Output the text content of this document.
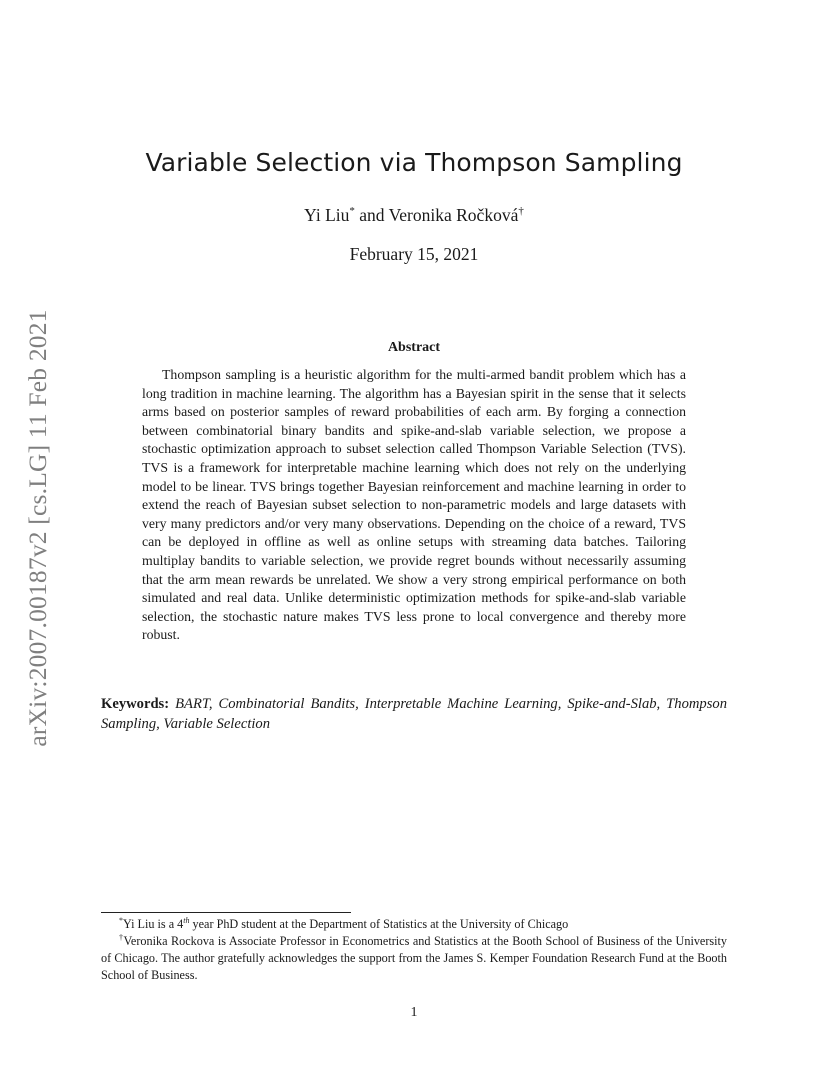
arXiv:2007.00187v2 [cs.LG] 11 Feb 2021
Variable Selection via Thompson Sampling
Yi Liu* and Veronika Ročková†
February 15, 2021
Abstract

Thompson sampling is a heuristic algorithm for the multi-armed bandit problem which has a long tradition in machine learning. The algorithm has a Bayesian spirit in the sense that it selects arms based on posterior samples of reward probabilities of each arm. By forging a connection between combinatorial binary bandits and spike-and-slab variable selection, we propose a stochastic optimization approach to subset selection called Thompson Variable Selection (TVS). TVS is a framework for interpretable machine learning which does not rely on the underlying model to be linear. TVS brings together Bayesian reinforcement and machine learning in order to extend the reach of Bayesian subset selection to non-parametric models and large datasets with very many predictors and/or very many observations. Depending on the choice of a reward, TVS can be deployed in offline as well as online setups with streaming data batches. Tailoring multiplay bandits to variable selection, we provide regret bounds without necessarily assuming that the arm mean rewards be unrelated. We show a very strong empirical performance on both simulated and real data. Unlike deterministic optimization methods for spike-and-slab variable selection, the stochastic nature makes TVS less prone to local convergence and thereby more robust.

Keywords: BART, Combinatorial Bandits, Interpretable Machine Learning, Spike-and-Slab, Thompson Sampling, Variable Selection

*Yi Liu is a 4th year PhD student at the Department of Statistics at the University of Chicago

†Veronika Rockova is Associate Professor in Econometrics and Statistics at the Booth School of Business of the University of Chicago. The author gratefully acknowledges the support from the James S. Kemper Foundation Research Fund at the Booth School of Business.

1
